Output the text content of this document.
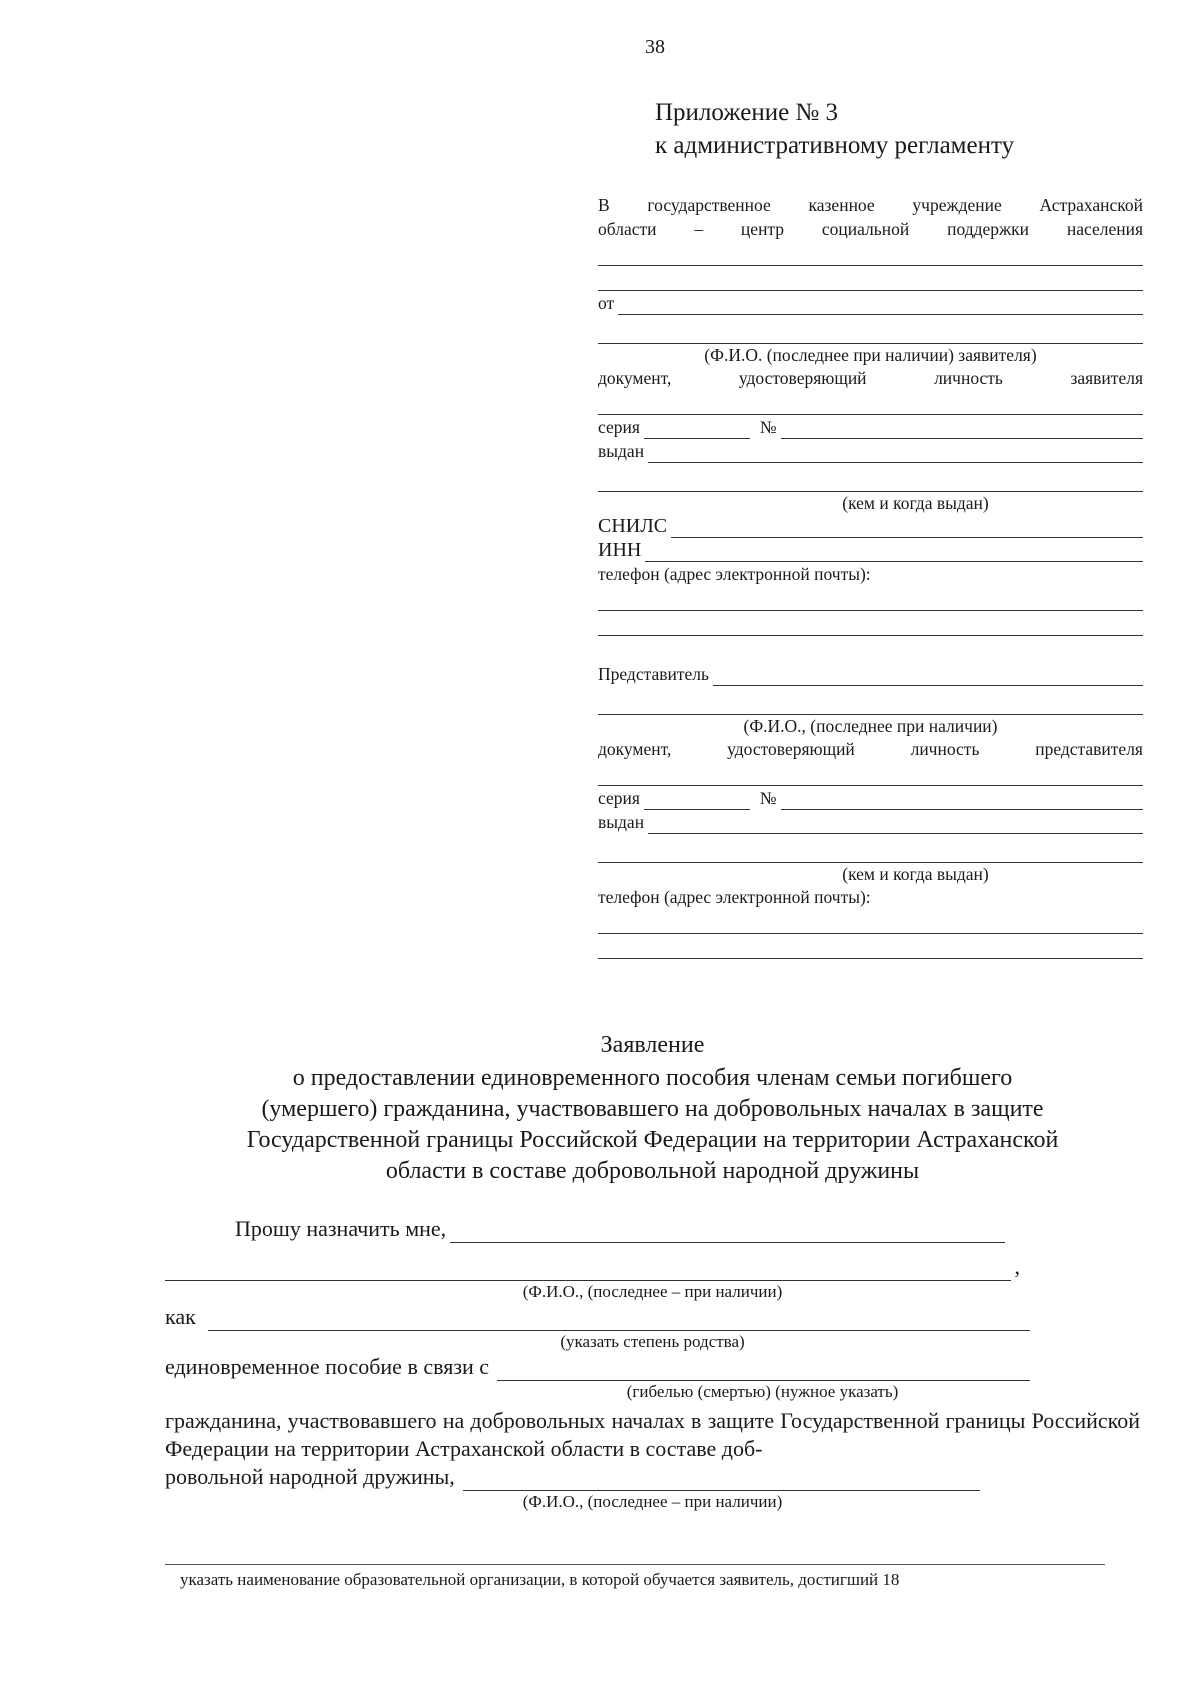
38
Приложение № 3
к административному регламенту
В государственное казенное учреждение Астраханской
области – центр социальной поддержки населения
от
(Ф.И.О. (последнее при наличии) заявителя)
документ, удостоверяющий личность заявителя
серия	№
выдан
(кем и когда выдан)
СНИЛС
ИНН
телефон (адрес электронной почты):
Представитель
(Ф.И.О., (последнее при наличии)
документ, удостоверяющий личность представителя
серия	№
выдан
(кем и когда выдан)
телефон (адрес электронной почты):
Заявление
о предоставлении единовременного пособия членам семьи погибшего
(умершего) гражданина, участвовавшего на добровольных началах в защите
Государственной границы Российской Федерации на территории Астраханской
области в составе добровольной народной дружины
Прошу назначить мне,
,
(Ф.И.О., (последнее – при наличии)
как
(указать степень родства)
единовременное пособие в связи с
(гибелью (смертью) (нужное указать)
гражданина, участвовавшего на добровольных началах в защите Государственной границы Российской Федерации на территории Астраханской области в составе доб-
ровольной народной дружины,
(Ф.И.О., (последнее – при наличии)
указать наименование образовательной организации, в которой обучается заявитель, достигший 18
